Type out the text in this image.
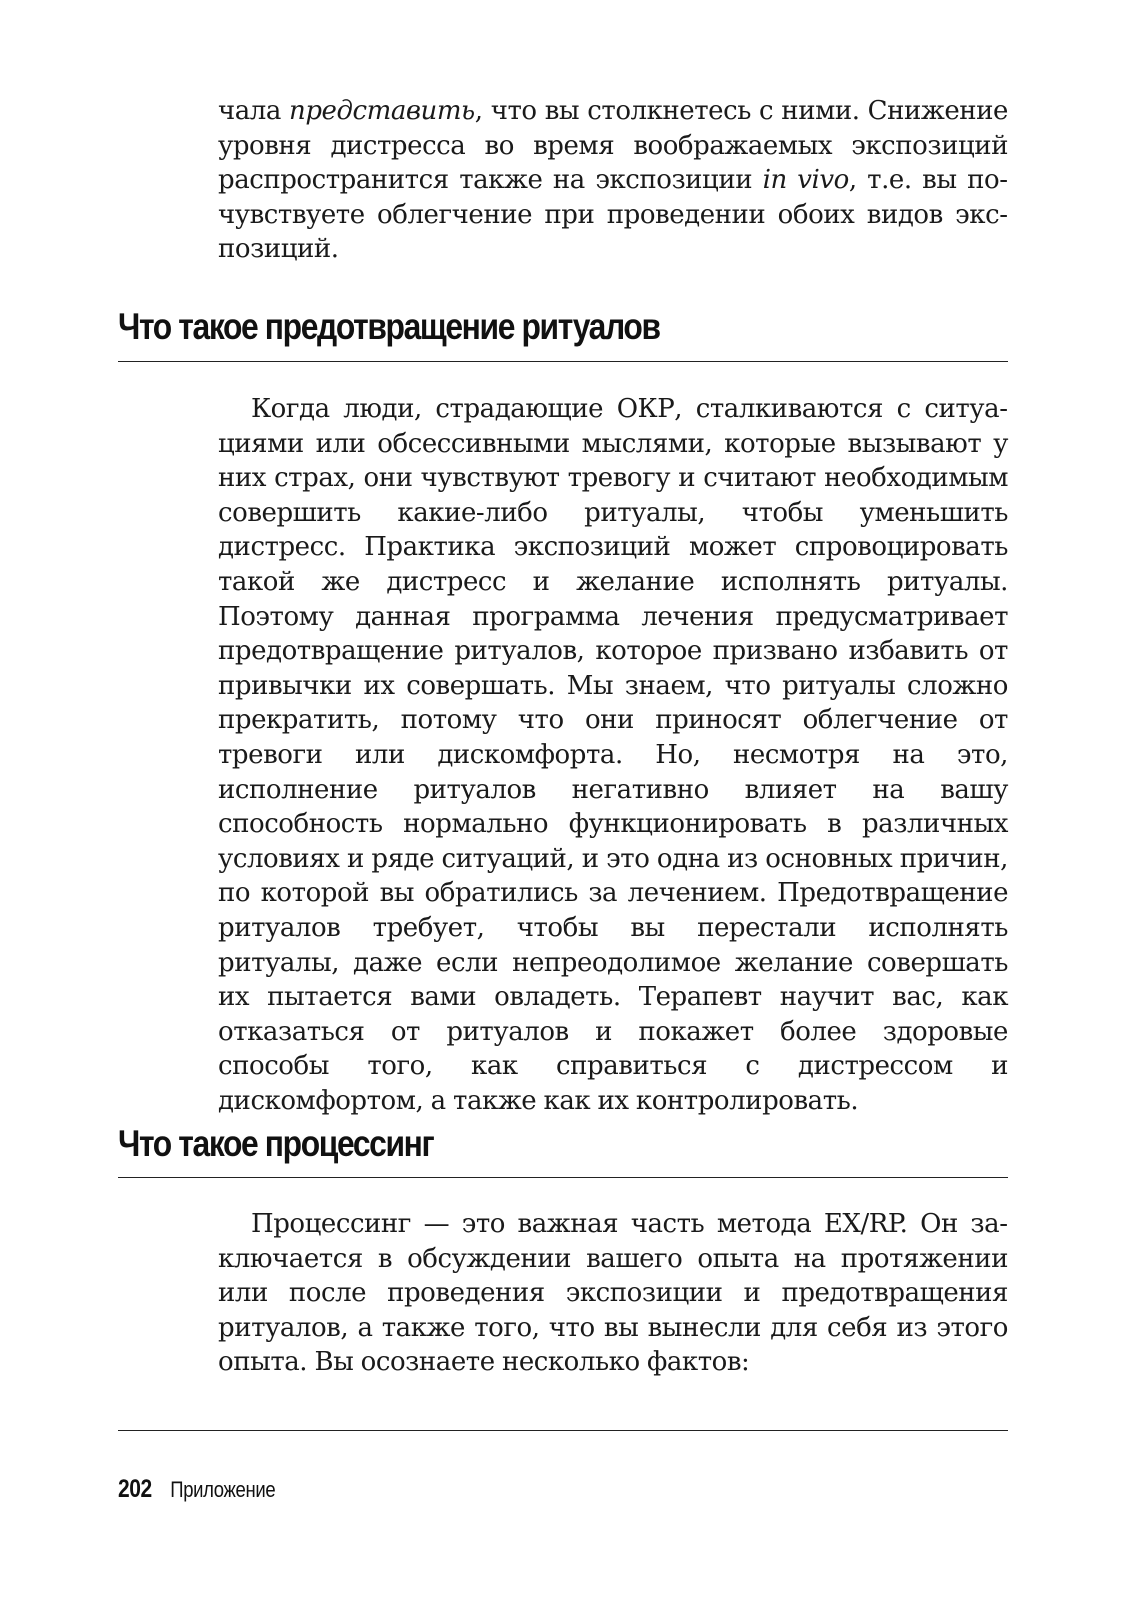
чала представить, что вы столкнетесь с ними. Снижение уровня дистресса во время воображаемых экспозиций распространится также на экспозиции in vivo, т.е. вы почувствуете облегчение при проведении обоих видов экспозиций.

Что такое предотвращение ритуалов

Когда люди, страдающие ОКР, сталкиваются с ситуациями или обсессивными мыслями, которые вызывают у них страх, они чувствуют тревогу и считают необходимым совершить какие-либо ритуалы, чтобы уменьшить дистресс. Практика экспозиций может спровоцировать такой же дистресс и желание исполнять ритуалы. Поэтому данная программа лечения предусматривает предотвращение ритуалов, которое призвано избавить от привычки их совершать. Мы знаем, что ритуалы сложно прекратить, потому что они приносят облегчение от тревоги или дискомфорта. Но, несмотря на это, исполнение ритуалов негативно влияет на вашу способность нормально функционировать в различных условиях и ряде ситуаций, и это одна из основных причин, по которой вы обратились за лечением. Предотвращение ритуалов требует, чтобы вы перестали исполнять ритуалы, даже если непреодолимое желание совершать их пытается вами овладеть. Терапевт научит вас, как отказаться от ритуалов и покажет более здоровые способы того, как справиться с дистрессом и дискомфортом, а также как их контролировать.

Что такое процессинг

Процессинг — это важная часть метода EX/RP. Он заключается в обсуждении вашего опыта на протяжении или после проведения экспозиции и предотвращения ритуалов, а также того, что вы вынесли для себя из этого опыта. Вы осознаете несколько фактов:

202 Приложение
